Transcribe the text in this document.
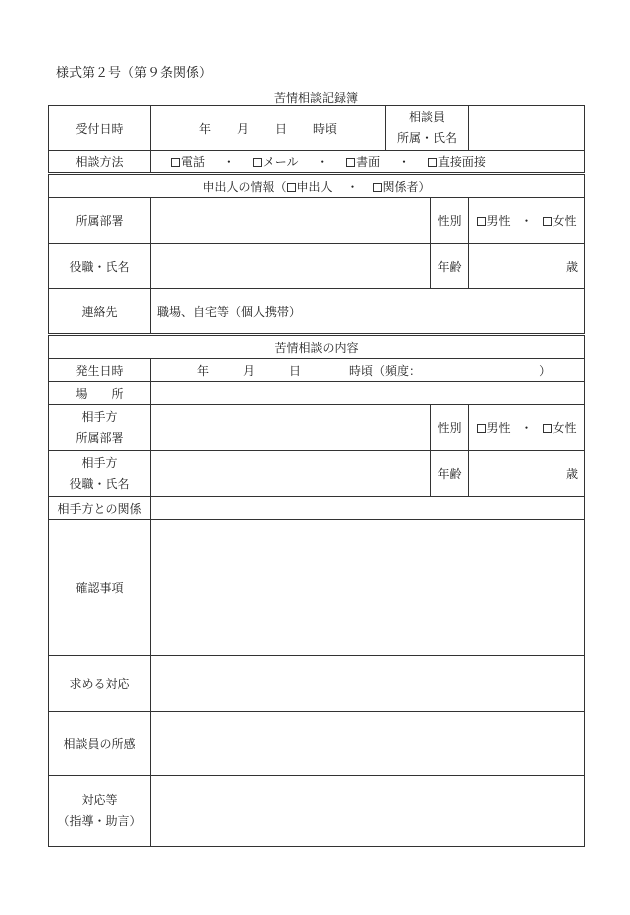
様式第２号（第９条関係）
苦情相談記録簿
受付日時	年 月 日 時頃	相談員
所属・氏名		

相談方法	電話 ・ メール ・ 書面 ・ 直接面接			
申出人の情報（ 申出人 ・ 関係者）				
所属部署			性別	男性 ・ 女性
役職・氏名			年齢	歳
連絡先	職場、自宅等（個人携帯）			
苦情相談の内容				
発生日時	年 月 日 時頃（頻度： ）			
場　　所				

相手方
所属部署			性別	男性 ・ 女性

相手方
役職・氏名			年齢	歳
相手方との関係				
確認事項				
求める対応				
相談員の所感				

対応等
（指導・助言）				
